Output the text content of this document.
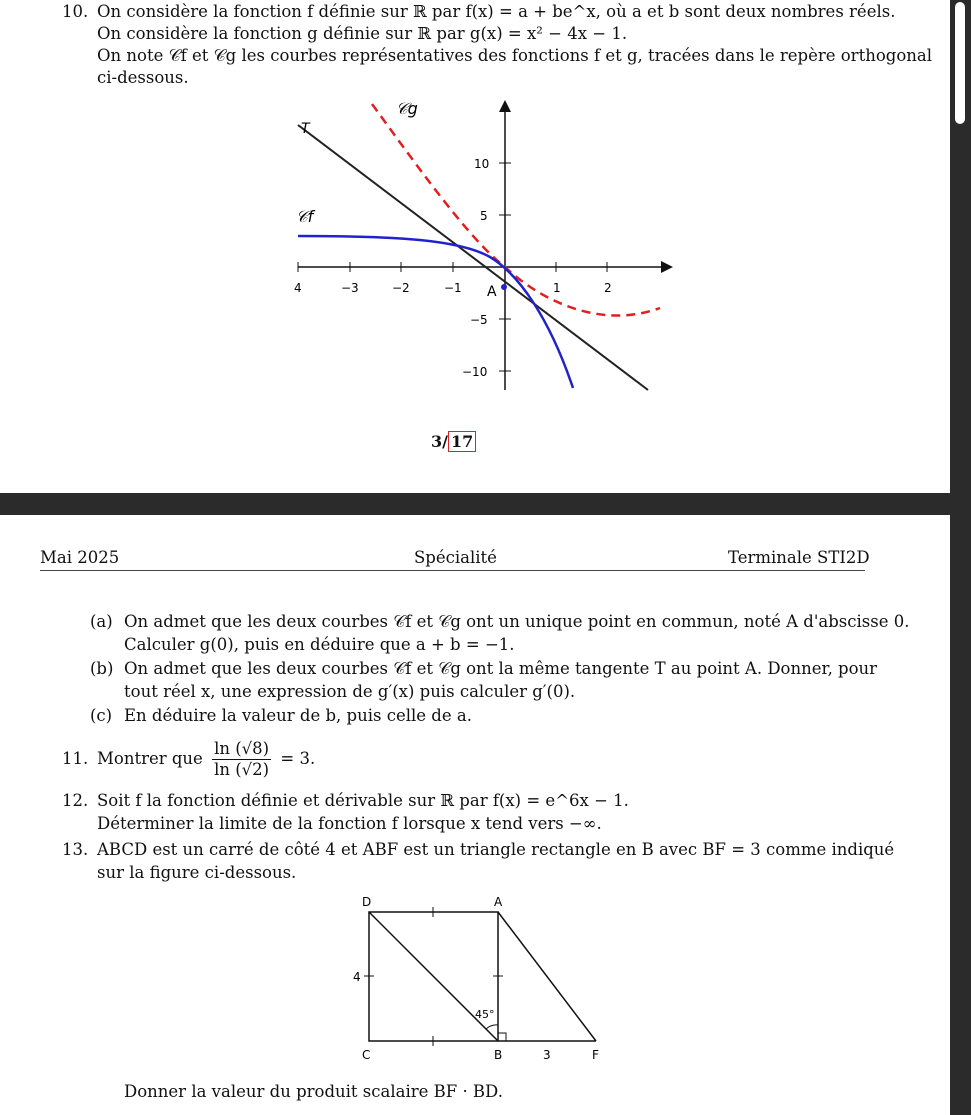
10. On considère la fonction f définie sur ℝ par f(x) = a + be^x, où a et b sont deux nombres réels.
On considère la fonction g définie sur ℝ par g(x) = x² − 4x − 1.
On note 𝒞f et 𝒞g les courbes représentatives des fonctions f et g, tracées dans le repère orthogonal
ci-dessous.
T
𝒞g
𝒞f
A
4	−3	−2	−1	1	2
10
5
−5
−10
3/ 17
Mai 2025	Spécialité	Terminale STI2D
(a) On admet que les deux courbes 𝒞f et 𝒞g ont un unique point en commun, noté A d'abscisse 0.
Calculer g(0), puis en déduire que a + b = −1.
(b) On admet que les deux courbes 𝒞f et 𝒞g ont la même tangente T au point A. Donner, pour
tout réel x, une expression de g′(x) puis calculer g′(0).
(c) En déduire la valeur de b, puis celle de a.
11. Montrer que $\frac{\ln (√8)}{\ln (√2)} = 3$.
12. Soit f la fonction définie et dérivable sur ℝ par f(x) = e^6x − 1.
Déterminer la limite de la fonction f lorsque x tend vers −∞.
13. ABCD est un carré de côté 4 et ABF est un triangle rectangle en B avec BF = 3 comme indiqué
sur la figure ci-dessous.
D	A
C	B	F
4
3
45°
Donner la valeur du produit scalaire BF · BD.
